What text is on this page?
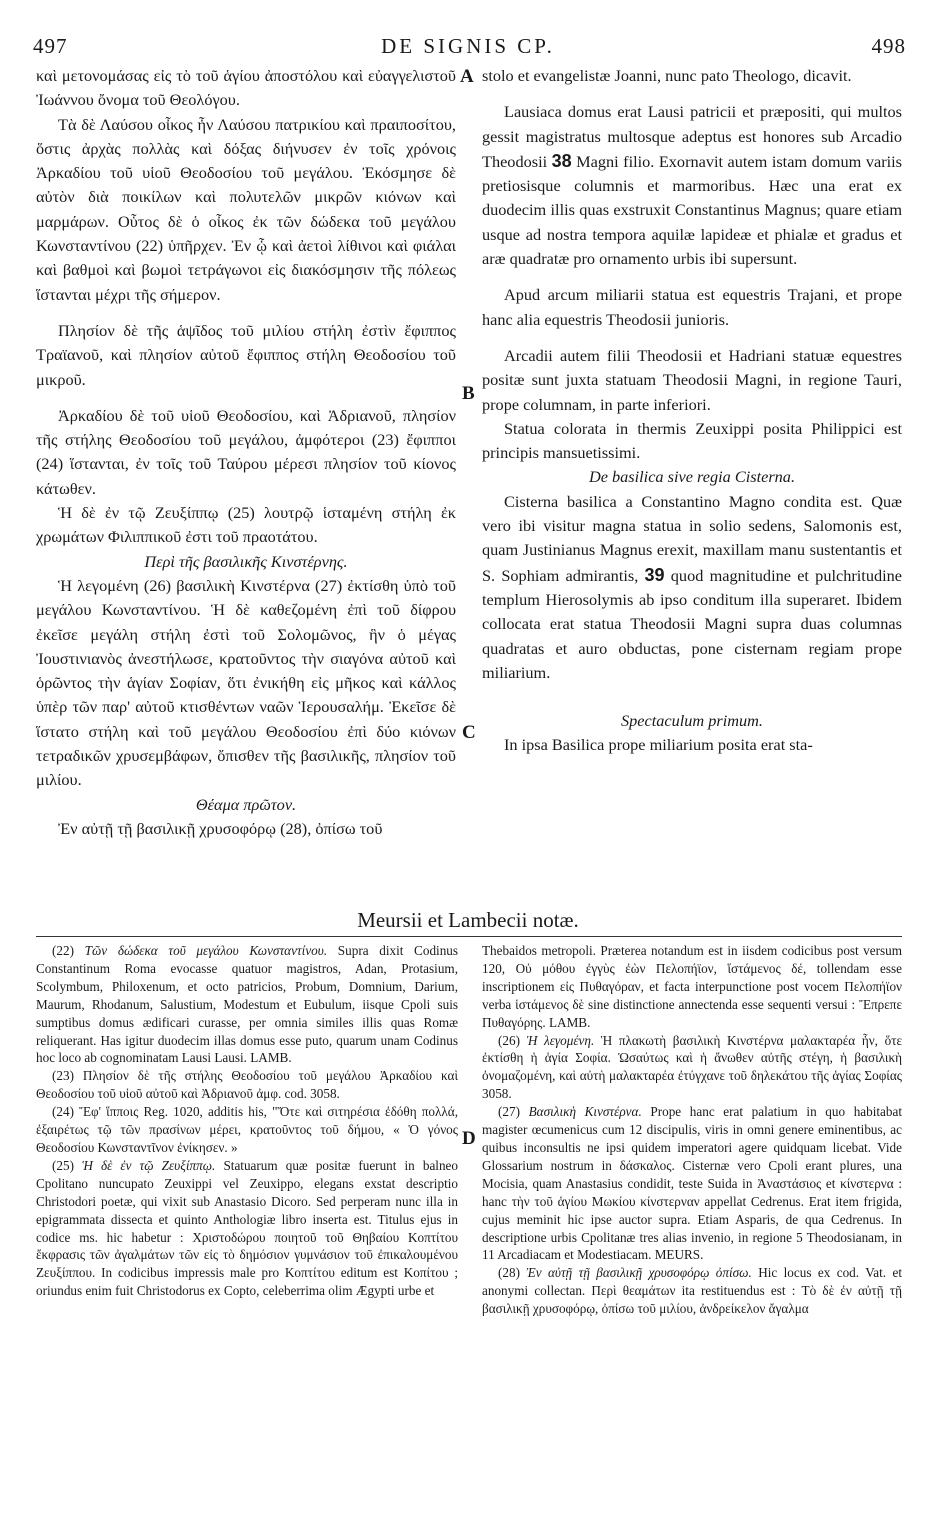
497	DE SIGNIS CP.	498

καὶ μετονομάσας εἰς τὸ τοῦ ἁγίου ἀποστόλου καὶ εὐαγγελιστοῦ Ἰωάννου ὄνομα τοῦ Θεολόγου.

Τὰ δὲ Λαύσου οἶκος ἦν Λαύσου πατρικίου καὶ πραιποσίτου, ὅστις ἀρχὰς πολλὰς καὶ δόξας διήνυσεν ἐν τοῖς χρόνοις Ἀρκαδίου τοῦ υἱοῦ Θεοδοσίου τοῦ μεγάλου. Ἐκόσμησε δὲ αὐτὸν διὰ ποικίλων καὶ πολυτελῶν μικρῶν κιόνων καὶ μαρμάρων. Οὗτος δὲ ὁ οἶκος ἐκ τῶν δώδεκα τοῦ μεγάλου Κωνσταντίνου (22) ὑπῆρχεν. Ἐν ᾧ καὶ ἀετοὶ λίθινοι καὶ φιάλαι καὶ βαθμοὶ καὶ βωμοὶ τετράγωνοι εἰς διακόσμησιν τῆς πόλεως ἵστανται μέχρι τῆς σήμερον.

Πλησίον δὲ τῆς ἁψῖδος τοῦ μιλίου στήλη ἐστὶν ἔφιππος Τραϊανοῦ, καὶ πλησίον αὐτοῦ ἔφιππος στήλη Θεοδοσίου τοῦ μικροῦ.

Ἀρκαδίου δὲ τοῦ υἱοῦ Θεοδοσίου, καὶ Ἀδριανοῦ, πλησίον τῆς στήλης Θεοδοσίου τοῦ μεγάλου, ἀμφότεροι (23) ἔφιπποι (24) ἵστανται, ἐν τοῖς τοῦ Ταύρου μέρεσι πλησίον τοῦ κίονος κάτωθεν.

Ἡ δὲ ἐν τῷ Ζευξίππῳ (25) λουτρῷ ἱσταμένη στήλη ἐκ χρωμάτων Φιλιππικοῦ ἐστι τοῦ πραοτάτου.

Περὶ τῆς βασιλικῆς Κινστέρνης.

Ἡ λεγομένη (26) βασιλικὴ Κινστέρνα (27) ἐκτίσθη ὑπὸ τοῦ μεγάλου Κωνσταντίνου. Ἡ δὲ καθεζομένη ἐπὶ τοῦ δίφρου ἐκεῖσε μεγάλη στήλη ἐστὶ τοῦ Σολομῶνος, ἣν ὁ μέγας Ἰουστινιανὸς ἀνεστήλωσε, κρατοῦντος τὴν σιαγόνα αὐτοῦ καὶ ὁρῶντος τὴν ἁγίαν Σοφίαν, ὅτι ἐνικήθη εἰς μῆκος καὶ κάλλος ὑπὲρ τῶν παρ' αὐτοῦ κτισθέντων ναῶν Ἱερουσαλήμ. Ἐκεῖσε δὲ ἵστατο στήλη καὶ τοῦ μεγάλου Θεοδοσίου ἐπὶ δύο κιόνων τετραδικῶν χρυσεμβάφων, ὄπισθεν τῆς βασιλικῆς, πλησίον τοῦ μιλίου.

Θέαμα πρῶτον.

Ἐν αὐτῇ τῇ βασιλικῇ χρυσοφόρῳ (28), ὀπίσω τοῦ

A
B
C
D

stolo et evangelistæ Joanni, nunc pato Theologo, dicavit.

Lausiaca domus erat Lausi patricii et præpositi, qui multos gessit magistratus multosque adeptus est honores sub Arcadio Theodosii 38 Magni filio. Exornavit autem istam domum variis pretiosisque columnis et marmoribus. Hæc una erat ex duodecim illis quas exstruxit Constantinus Magnus; quare etiam usque ad nostra tempora aquilæ lapideæ et phialæ et gradus et aræ quadratæ pro ornamento urbis ibi supersunt.

Apud arcum miliarii statua est equestris Trajani, et prope hanc alia equestris Theodosii junioris.

Arcadii autem filii Theodosii et Hadriani statuæ equestres positæ sunt juxta statuam Theodosii Magni, in regione Tauri, prope columnam, in parte inferiori.

Statua colorata in thermis Zeuxippi posita Philippici est principis mansuetissimi.

De basilica sive regia Cisterna.

Cisterna basilica a Constantino Magno condita est. Quæ vero ibi visitur magna statua in solio sedens, Salomonis est, quam Justinianus Magnus erexit, maxillam manu sustentantis et S. Sophiam admirantis, 39 quod magnitudine et pulchritudine templum Hierosolymis ab ipso conditum illa superaret. Ibidem collocata erat statua Theodosii Magni supra duas columnas quadratas et auro obductas, pone cisternam regiam prope miliarium.

Spectaculum primum.

In ipsa Basilica prope miliarium posita erat sta-

Meursii et Lambecii notæ.

(22) Τῶν δώδεκα τοῦ μεγάλου Κωνσταντίνου. Supra dixit Codinus Constantinum Roma evocasse quatuor magistros, Adan, Protasium, Scolymbum, Philoxenum, et octo patricios, Probum, Domnium, Darium, Maurum, Rhodanum, Salustium, Modestum et Eubulum, iisque Cpoli suis sumptibus domus ædificari curasse, per omnia similes illis quas Romæ reliquerant. Has igitur duodecim illas domus esse puto, quarum unam Codinus hoc loco ab cognominatam Lausi Lausi. LAMB.

(23) Πλησίον δὲ τῆς στήλης Θεοδοσίου τοῦ μεγάλου Ἀρκαδίου καὶ Θεοδοσίου τοῦ υἱοῦ αὐτοῦ καὶ Ἀδριανοῦ ἀμφ. cod. 3058.

(24) Ἔφ' ἵπποις Reg. 1020, additis his, "Ὅτε καὶ σιτηρέσια ἐδόθη πολλά, ἐξαιρέτως τῷ τῶν πρασίνων μέρει, κρατοῦντος τοῦ δήμου, « Ὁ γόνος Θεοδοσίου Κωνσταντῖνον ἐνίκησεν. »

(25) Ἡ δὲ ἐν τῷ Ζευξίππῳ. Statuarum quæ positæ fuerunt in balneo Cpolitano nuncupato Zeuxippi vel Zeuxippo, elegans exstat descriptio Christodori poetæ, qui vixit sub Anastasio Dicoro. Sed perperam nunc illa in epigrammata dissecta et quinto Anthologiæ libro inserta est. Titulus ejus in codice ms. hic habetur : Χριστοδώρου ποιητοῦ τοῦ Θηβαίου Κοπτίτου ἔκφρασις τῶν ἀγαλμάτων τῶν εἰς τὸ δημόσιον γυμνάσιον τοῦ ἐπικαλουμένου Ζευξίππου. In codicibus impressis male pro Κοπτίτου editum est Κοπίτου ; oriundus enim fuit Christodorus ex Copto, celeberrima olim Ægypti urbe et

Thebaidos metropoli. Præterea notandum est in iisdem codicibus post versum 120, Οὐ μόθου ἐγγὺς ἐὼν Πελοπήϊον, ἵστάμενος δέ, tollendam esse inscriptionem εἰς Πυθαγόραν, et facta interpunctione post vocem Πελοπήϊον verba ἱστάμενος δὲ sine distinctione annectenda esse sequenti versui : Ἔπρεπε Πυθαγόρης. LAMB.

(26) Ἡ λεγομένη. Ἡ πλακωτὴ βασιλικὴ Κινστέρνα μαλακταρέα ἦν, ὅτε ἐκτίσθη ἡ ἁγία Σοφία. Ὡσαύτως καὶ ἡ ἄνωθεν αὐτῆς στέγη, ἡ βασιλικὴ ὀνομαζομένη, καὶ αὐτὴ μαλακταρέα ἐτύγχανε τοῦ δηλεκάτου τῆς ἁγίας Σοφίας 3058.

(27) Βασιλικὴ Κινστέρνα. Prope hanc erat palatium in quo habitabat magister œcumenicus cum 12 discipulis, viris in omni genere eminentibus, ac quibus inconsultis ne ipsi quidem imperatori agere quidquam licebat. Vide Glossarium nostrum in δάσκαλος. Cisternæ vero Cpoli erant plures, una Mocisia, quam Anastasius condidit, teste Suida in Ἀναστάσιος et κίνστερνα : hanc τὴν τοῦ ἁγίου Μωκίου κίνστερναν appellat Cedrenus. Erat item frigida, cujus meminit hic ipse auctor supra. Etiam Asparis, de qua Cedrenus. In descriptione urbis Cpolitanæ tres alias invenio, in regione 5 Theodosianam, in 11 Arcadiacam et Modestiacam. MEURS.

(28) Ἐν αὐτῇ τῇ βασιλικῇ χρυσοφόρῳ ὀπίσω. Hic locus ex cod. Vat. et anonymi collectan. Περὶ θεαμάτων ita restituendus est : Τὸ δὲ ἐν αὐτῇ τῇ βασιλικῇ χρυσοφόρῳ, ὀπίσω τοῦ μιλίου, ἀνδρείκελον ἄγαλμα
